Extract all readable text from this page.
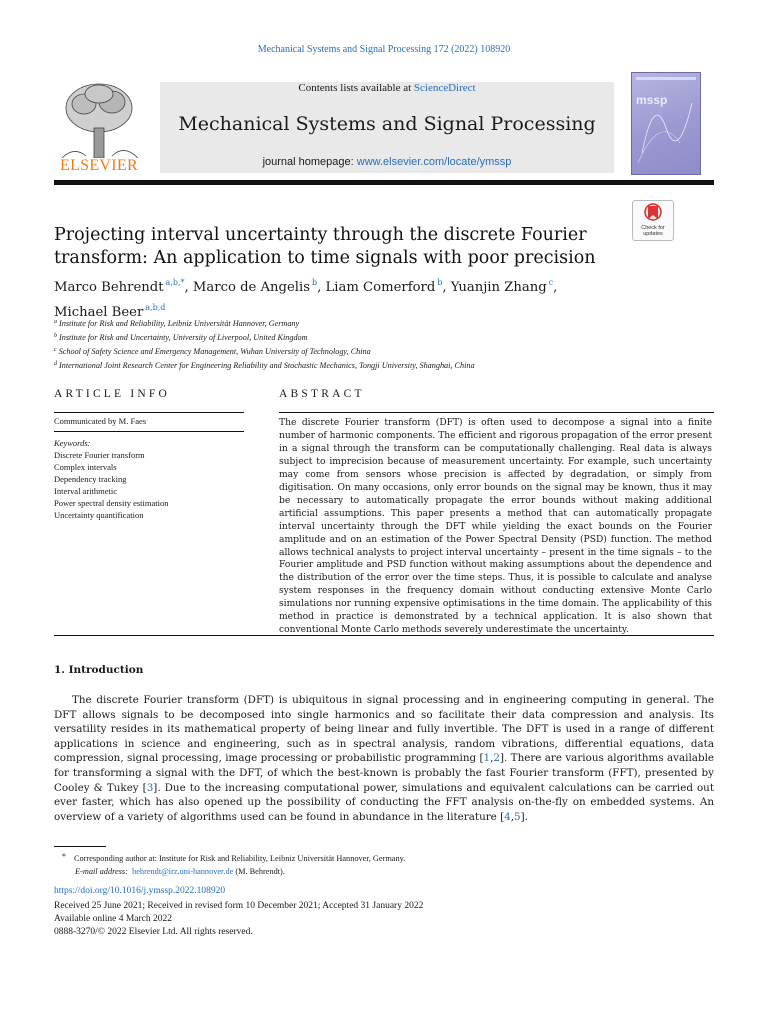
Mechanical Systems and Signal Processing 172 (2022) 108920
ELSEVIER
Contents lists available at ScienceDirect
Mechanical Systems and Signal Processing
journal homepage: www.elsevier.com/locate/ymssp
mssp
Check for updates
Projecting interval uncertainty through the discrete Fourier
transform: An application to time signals with poor precision
Marco Behrendt $^{a,b,*}$, Marco de Angelis $^b$, Liam Comerford $^b$, Yuanjin Zhang $^c$,
Michael Beer $^{a,b,d}$
$^a$ Institute for Risk and Reliability, Leibniz Universität Hannover, Germany
$^b$ Institute for Risk and Uncertainty, University of Liverpool, United Kingdom
$^c$ School of Safety Science and Emergency Management, Wuhan University of Technology, China
$^d$ International Joint Research Center for Engineering Reliability and Stochastic Mechanics, Tongji University, Shanghai, China
ARTICLE INFO	ABSTRACT
Communicated by M. Faes
Keywords:
Discrete Fourier transform
Complex intervals
Dependency tracking
Interval arithmetic
Power spectral density estimation
Uncertainty quantification
The discrete Fourier transform (DFT) is often used to decompose a signal into a finite number of harmonic components. The efficient and rigorous propagation of the error present in a signal through the transform can be computationally challenging. Real data is always subject to imprecision because of measurement uncertainty. For example, such uncertainty may come from sensors whose precision is affected by degradation, or simply from digitisation. On many occasions, only error bounds on the signal may be known, thus it may be necessary to automatically propagate the error bounds without making additional artificial assumptions. This paper presents a method that can automatically propagate interval uncertainty through the DFT while yielding the exact bounds on the Fourier amplitude and on an estimation of the Power Spectral Density (PSD) function. The method allows technical analysts to project interval uncertainty – present in the time signals – to the Fourier amplitude and PSD function without making assumptions about the dependence and the distribution of the error over the time steps. Thus, it is possible to calculate and analyse system responses in the frequency domain without conducting extensive Monte Carlo simulations nor running expensive optimisations in the time domain. The applicability of this method in practice is demonstrated by a technical application. It is also shown that conventional Monte Carlo methods severely underestimate the uncertainty.
1. Introduction
The discrete Fourier transform (DFT) is ubiquitous in signal processing and in engineering computing in general. The DFT allows signals to be decomposed into single harmonics and so facilitate their data compression and analysis. Its versatility resides in its mathematical property of being linear and fully invertible. The DFT is used in a range of different applications in science and engineering, such as in spectral analysis, random vibrations, differential equations, data compression, signal processing, image processing or probabilistic programming [1,2]. There are various algorithms available for transforming a signal with the DFT, of which the best-known is probably the fast Fourier transform (FFT), presented by Cooley & Tukey [3]. Due to the increasing computational power, simulations and equivalent calculations can be carried out ever faster, which has also opened up the possibility of conducting the FFT analysis on-the-fly on embedded systems. An overview of a variety of algorithms used can be found in abundance in the literature [4,5].
* Corresponding author at: Institute for Risk and Reliability, Leibniz Universität Hannover, Germany.
E-mail address: behrendt@irz.uni-hannover.de (M. Behrendt).
https://doi.org/10.1016/j.ymssp.2022.108920
Received 25 June 2021; Received in revised form 10 December 2021; Accepted 31 January 2022
Available online 4 March 2022
0888-3270/© 2022 Elsevier Ltd. All rights reserved.
